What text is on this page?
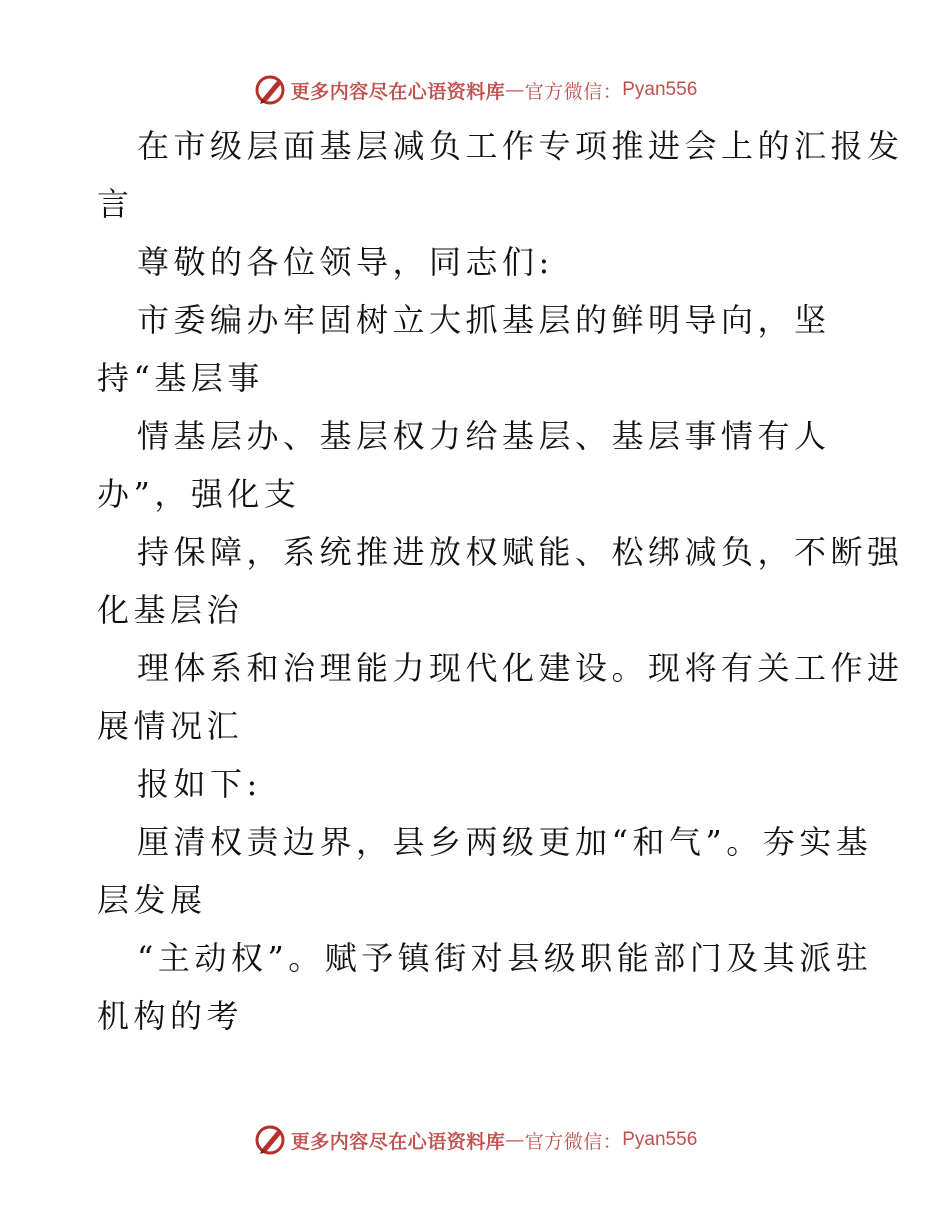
更多内容尽在心语资料库 — 官方微信： Pyan556
在市级层面基层减负工作专项推进会上的汇报发
言
尊敬的各位领导，同志们:
市委编办牢固树立大抓基层的鲜明导向，坚
持“基层事
情基层办、基层权力给基层、基层事情有人
办”，强化支
持保障，系统推进放权赋能、松绑减负，不断强
化基层治
理体系和治理能力现代化建设。现将有关工作进
展情况汇
报如下:
厘清权责边界，县乡两级更加“和气”。夯实基
层发展
“主动权”。赋予镇街对县级职能部门及其派驻
机构的考
更多内容尽在心语资料库 — 官方微信： Pyan556
